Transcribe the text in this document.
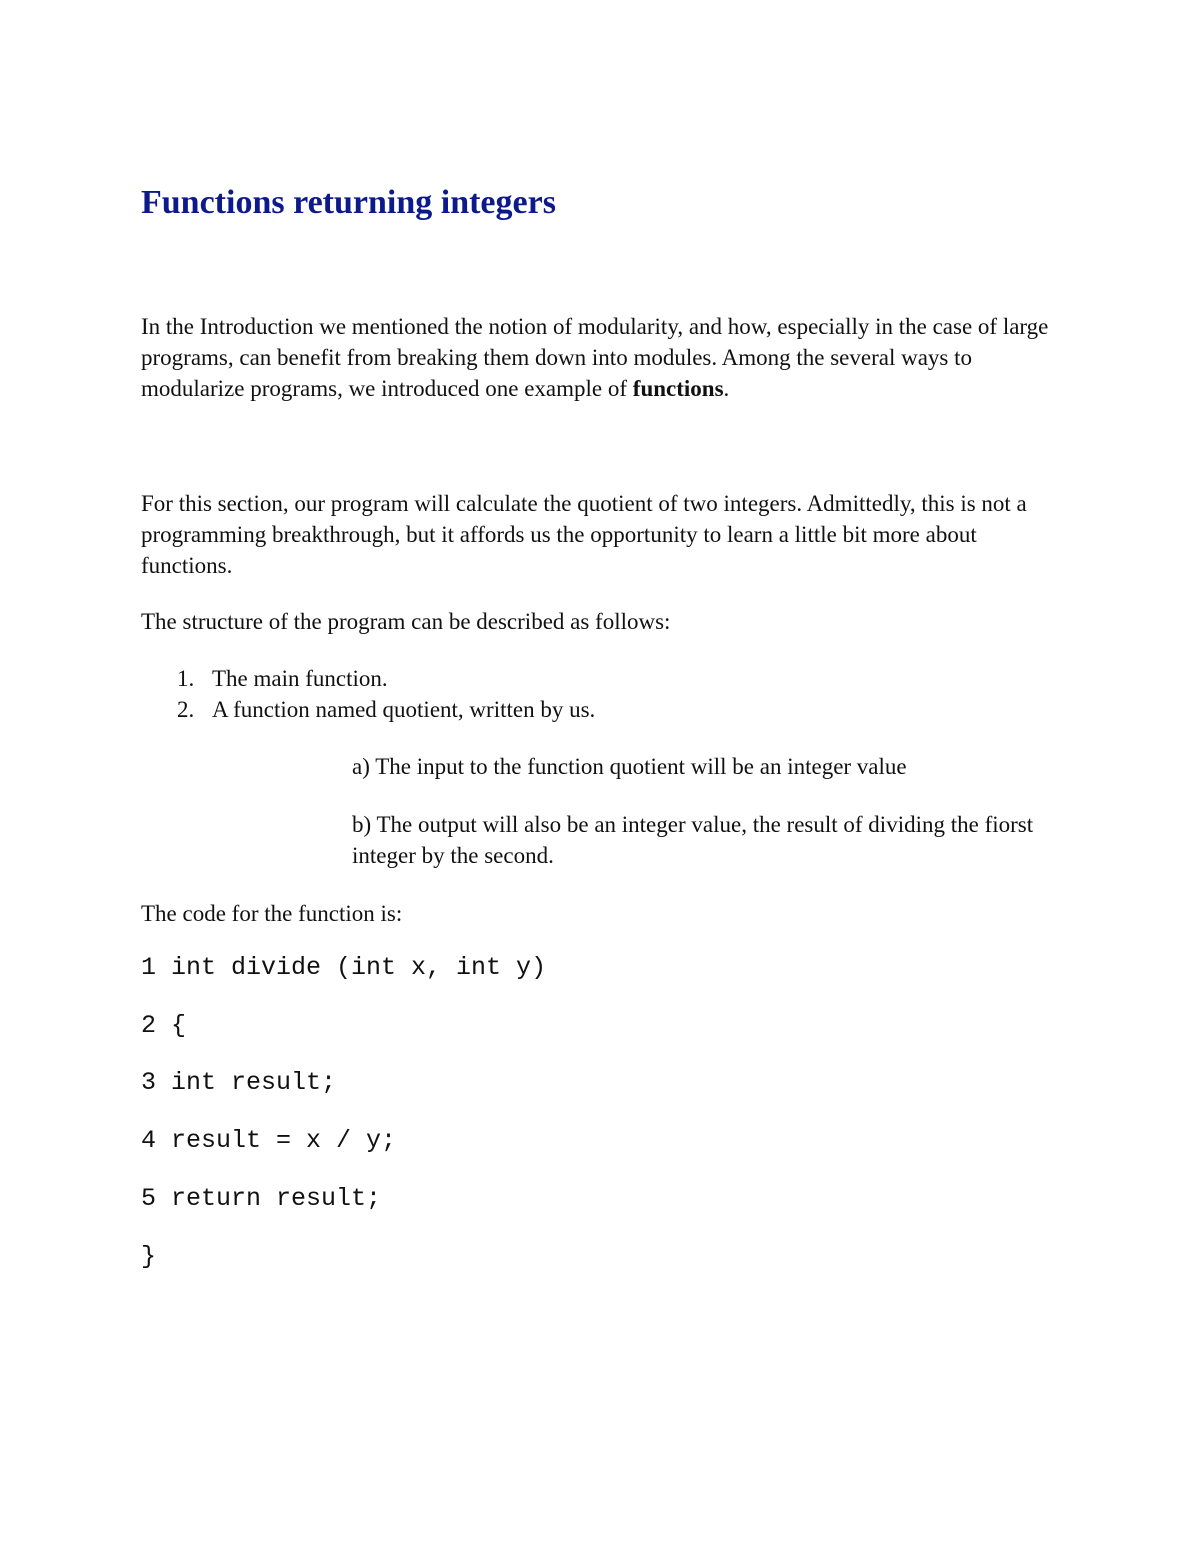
Functions returning integers

In the Introduction we mentioned the notion of modularity, and how, especially in the case of large programs, can benefit from breaking them down into modules. Among the several ways to modularize programs, we introduced one example of functions.

For this section, our program will calculate the quotient of two integers. Admittedly, this is not a programming breakthrough, but it affords us the opportunity to learn a little bit more about functions.

The structure of the program can be described as follows:

1. The main function.
2. A function named quotient, written by us.

a) The input to the function quotient will be an integer value

b) The output will also be an integer value, the result of dividing the fiorst integer by the second.

The code for the function is:

1 int divide (int x, int y)
2 {
3 int result;
4 result = x / y;
5 return result;
}
